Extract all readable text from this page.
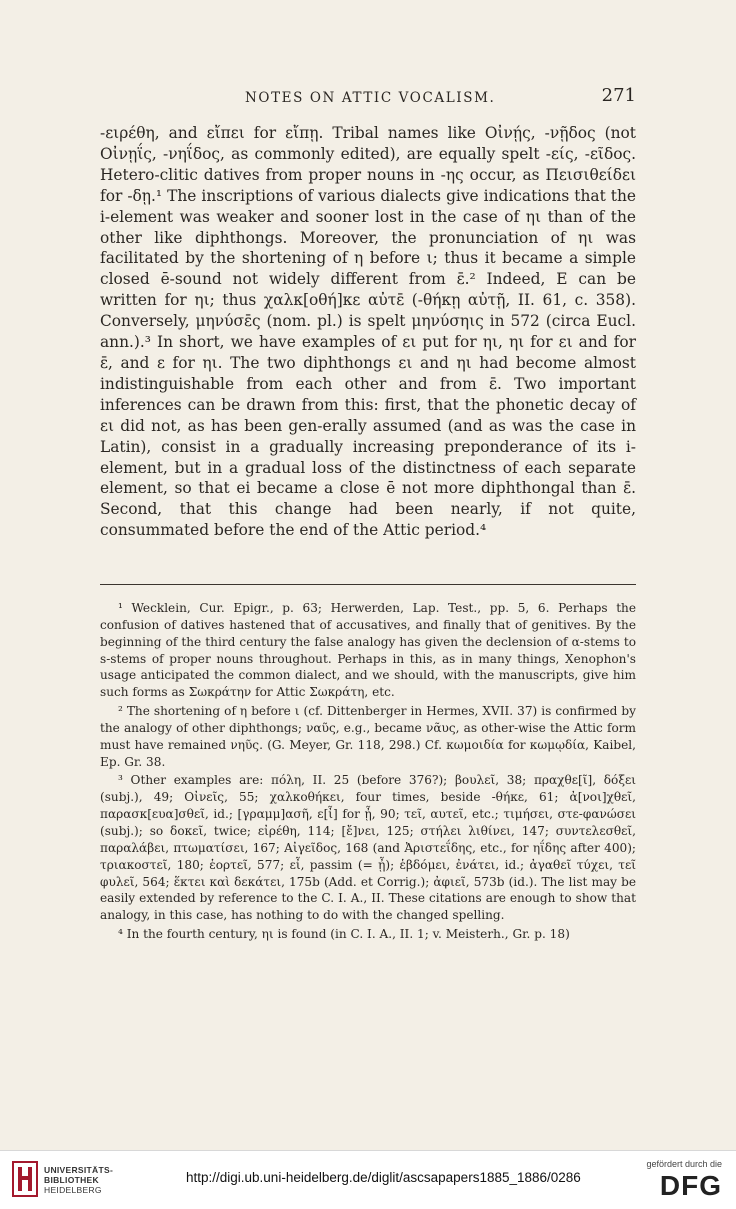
NOTES ON ATTIC VOCALISM.	271

-ειρέθη, and εἴπει for εἴπῃ. Tribal names like Οἰνῄς, -νῇδος (not Οἰνῃΐς, -νηΐδος, as commonly edited), are equally spelt -είς, -εῖδος. Hetero-clitic datives from proper nouns in -ης occur, as Πεισιθείδει for -δῃ.¹ The inscriptions of various dialects give indications that the i-element was weaker and sooner lost in the case of ηι than of the other like diphthongs. Moreover, the pronunciation of ηι was facilitated by the shortening of η before ι; thus it became a simple closed ē-sound not widely different from ε̄.² Indeed, E can be written for ηι; thus χαλκ[οθή]κε αὐτε̄ (-θήκῃ αὐτῇ, II. 61, c. 358). Conversely, μηνύσε̄ς (nom. pl.) is spelt μηνύσηις in 572 (circa Eucl. ann.).³ In short, we have examples of ει put for ηι, ηι for ει and for ε̄, and ε for ηι. The two diphthongs ει and ηι had become almost indistinguishable from each other and from ε̄. Two important inferences can be drawn from this: first, that the phonetic decay of ει did not, as has been gen-erally assumed (and as was the case in Latin), consist in a gradually increasing preponderance of its i-element, but in a gradual loss of the distinctness of each separate element, so that ei became a close ē not more diphthongal than ε̄. Second, that this change had been nearly, if not quite, consummated before the end of the Attic period.⁴

¹ Wecklein, Cur. Epigr., p. 63; Herwerden, Lap. Test., pp. 5, 6. Perhaps the confusion of datives hastened that of accusatives, and finally that of genitives. By the beginning of the third century the false analogy has given the declension of α-stems to s-stems of proper nouns throughout. Perhaps in this, as in many things, Xenophon's usage anticipated the common dialect, and we should, with the manuscripts, give him such forms as Σωκράτην for Attic Σωκράτη, etc.

² The shortening of η before ι (cf. Dittenberger in Hermes, XVII. 37) is confirmed by the analogy of other diphthongs; ναῦς, e.g., became νᾶυς, as other-wise the Attic form must have remained νηῦς. (G. Meyer, Gr. 118, 298.) Cf. κωμοιδία for κωμῳδία, Kaibel, Ep. Gr. 38.

³ Other examples are: πόλη, II. 25 (before 376?); βουλεῖ, 38; πραχθε[ῖ], δόξει (subj.), 49; Οἰνεῖς, 55; χαλκοθήκει, four times, beside -θήκε, 61; ἀ[νοι]χθεῖ, παρασκ[ευα]σθεῖ, id.; [γραμμ]ασῆ, ε[ἶ] for ᾖ, 90; τεῖ, αυτεῖ, etc.; τιμήσει, στε-φανώσει (subj.); so δοκεῖ, twice; εἰρέθη, 114; [ἔ]νει, 125; στήλει λιθίνει, 147; συντελεσθεῖ, παραλάβει, πτωματίσει, 167; Αἰγεῖδος, 168 (and Ἀριστεΐδης, etc., for ηΐδης after 400); τριακοστεῖ, 180; ἑορτεῖ, 577; εἶ, passim (= ᾖ); ἑβδόμει, ἐνάτει, id.; ἀγαθεῖ τύχει, τεῖ φυλεῖ, 564; ἕκτει καὶ δεκάτει, 175b (Add. et Corrig.); ἀφιεῖ, 573b (id.). The list may be easily extended by reference to the C. I. A., II. These citations are enough to show that analogy, in this case, has nothing to do with the changed spelling.

⁴ In the fourth century, ηι is found (in C. I. A., II. 1; v. Meisterh., Gr. p. 18)

UNIVERSITÄTS-
BIBLIOTHEK
HEIDELBERG
http://digi.ub.uni-heidelberg.de/diglit/ascsapapers1885_1886/0286
gefördert durch die
DFG
